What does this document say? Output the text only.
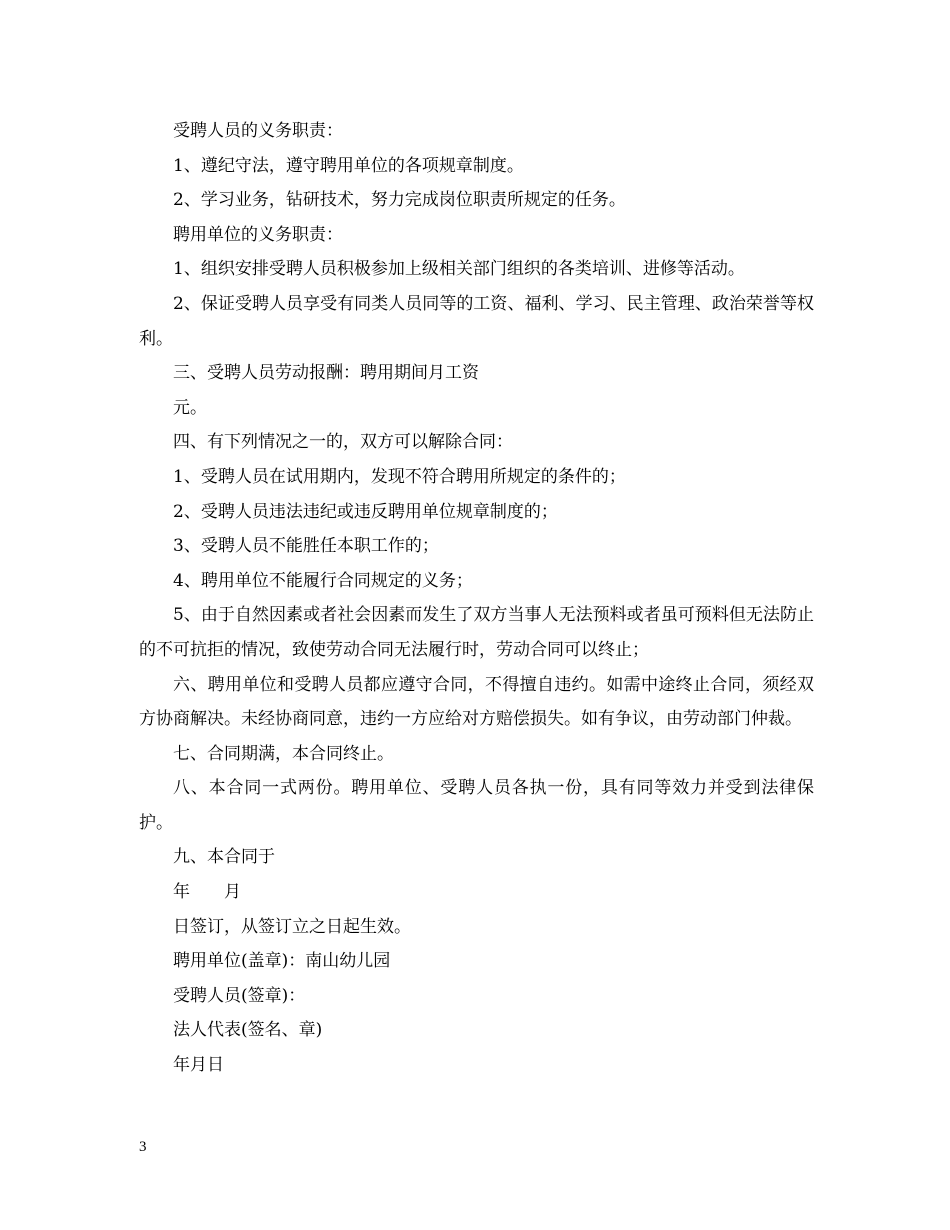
受聘人员的义务职责：

1、遵纪守法，遵守聘用单位的各项规章制度。

2、学习业务，钻研技术，努力完成岗位职责所规定的任务。

聘用单位的义务职责：

1、组织安排受聘人员积极参加上级相关部门组织的各类培训、进修等活动。

2、保证受聘人员享受有同类人员同等的工资、福利、学习、民主管理、政治荣誉等权利。

三、受聘人员劳动报酬：聘用期间月工资

元。

四、有下列情况之一的，双方可以解除合同：

1、受聘人员在试用期内，发现不符合聘用所规定的条件的；

2、受聘人员违法违纪或违反聘用单位规章制度的；

3、受聘人员不能胜任本职工作的；

4、聘用单位不能履行合同规定的义务；

5、由于自然因素或者社会因素而发生了双方当事人无法预料或者虽可预料但无法防止的不可抗拒的情况，致使劳动合同无法履行时，劳动合同可以终止；

六、聘用单位和受聘人员都应遵守合同，不得擅自违约。如需中途终止合同，须经双方协商解决。未经协商同意，违约一方应给对方赔偿损失。如有争议，由劳动部门仲裁。

七、合同期满，本合同终止。

八、本合同一式两份。聘用单位、受聘人员各执一份，具有同等效力并受到法律保护。

九、本合同于

年　　月

日签订，从签订立之日起生效。

聘用单位(盖章)：南山幼儿园

受聘人员(签章)：

法人代表(签名、章)

年月日

3
